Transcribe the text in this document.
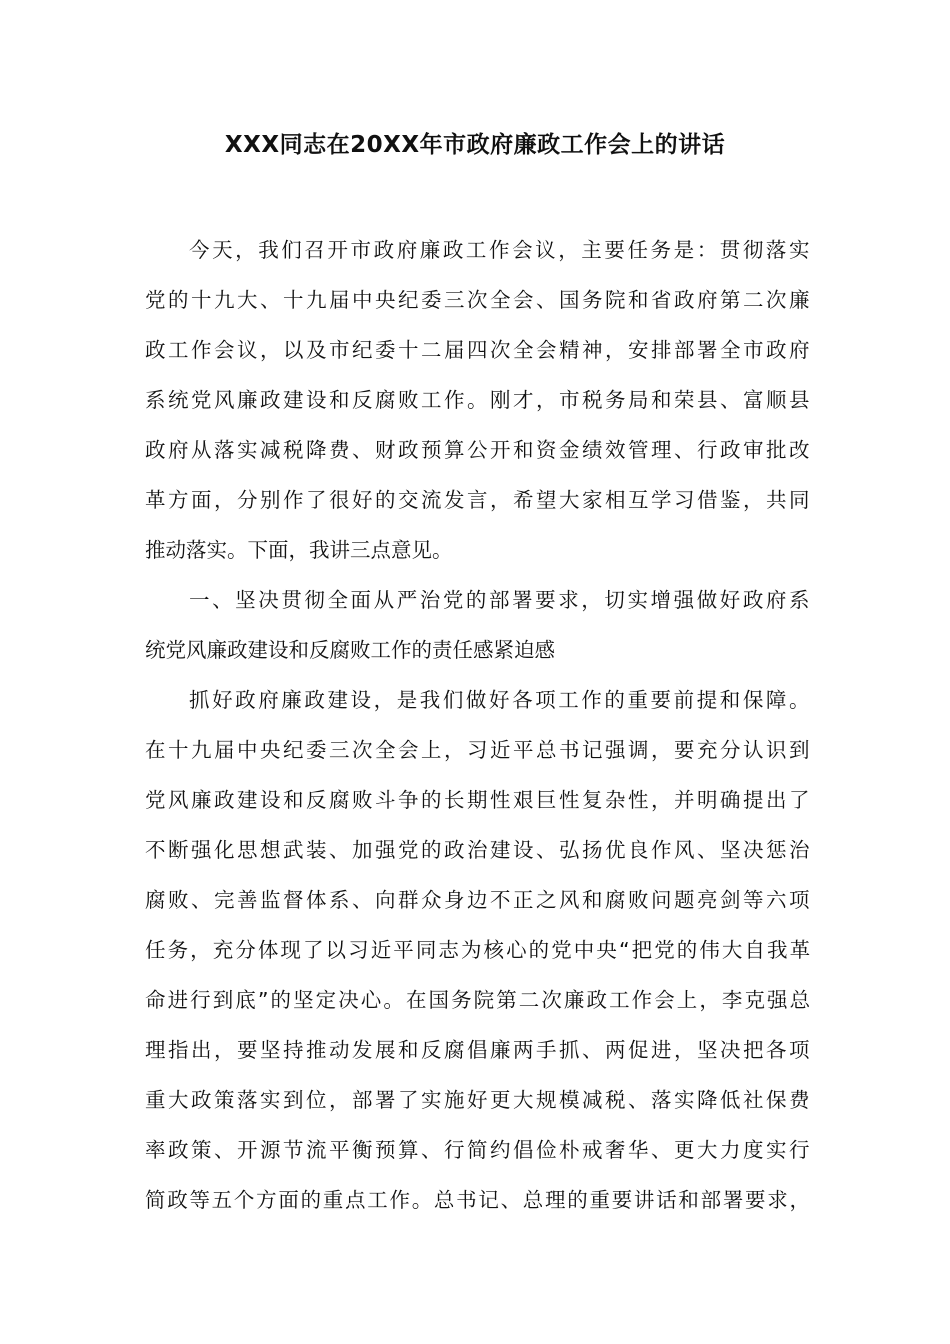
XXX同志在20XX年市政府廉政工作会上的讲话
今天，我们召开市政府廉政工作会议，主要任务是：贯彻落实
党的十九大、十九届中央纪委三次全会、国务院和省政府第二次廉
政工作会议，以及市纪委十二届四次全会精神，安排部署全市政府
系统党风廉政建设和反腐败工作。刚才，市税务局和荣县、富顺县
政府从落实减税降费、财政预算公开和资金绩效管理、行政审批改
革方面，分别作了很好的交流发言，希望大家相互学习借鉴，共同
推动落实。下面，我讲三点意见。
一、坚决贯彻全面从严治党的部署要求，切实增强做好政府系
统党风廉政建设和反腐败工作的责任感紧迫感
抓好政府廉政建设，是我们做好各项工作的重要前提和保障。
在十九届中央纪委三次全会上，习近平总书记强调，要充分认识到
党风廉政建设和反腐败斗争的长期性艰巨性复杂性，并明确提出了
不断强化思想武装、加强党的政治建设、弘扬优良作风、坚决惩治
腐败、完善监督体系、向群众身边不正之风和腐败问题亮剑等六项
任务，充分体现了以习近平同志为核心的党中央“把党的伟大自我革
命进行到底”的坚定决心。在国务院第二次廉政工作会上，李克强总
理指出，要坚持推动发展和反腐倡廉两手抓、两促进，坚决把各项
重大政策落实到位，部署了实施好更大规模减税、落实降低社保费
率政策、开源节流平衡预算、行简约倡俭朴戒奢华、更大力度实行
简政等五个方面的重点工作。总书记、总理的重要讲话和部署要求，
